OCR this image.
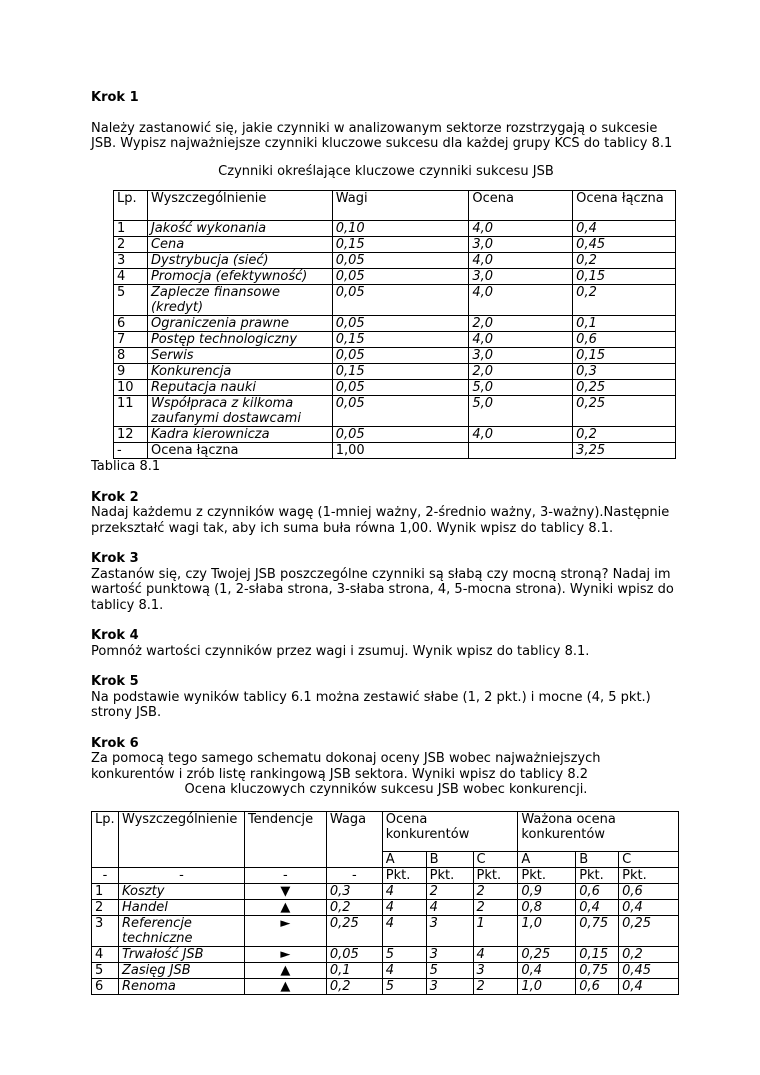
Krok 1

Należy zastanowić się, jakie czynniki w analizowanym sektorze rozstrzygają o sukcesie JSB. Wypisz najważniejsze czynniki kluczowe sukcesu dla każdej grupy KCS do tablicy 8.1

Czynniki określające kluczowe czynniki sukcesu JSB

Lp.	Wyszczególnienie	Wagi	Ocena	Ocena łączna
1	Jakość wykonania	0,10	4,0	0,4
2	Cena	0,15	3,0	0,45
3	Dystrybucja (sieć)	0,05	4,0	0,2
4	Promocja (efektywność)	0,05	3,0	0,15
5	Zaplecze finansowe (kredyt)	0,05	4,0	0,2
6	Ograniczenia prawne	0,05	2,0	0,1
7	Postęp technologiczny	0,15	4,0	0,6
8	Serwis	0,05	3,0	0,15
9	Konkurencja	0,15	2,0	0,3
10	Reputacja nauki	0,05	5,0	0,25
11	Współpraca z kilkoma zaufanymi dostawcami	0,05	5,0	0,25
12	Kadra kierownicza	0,05	4,0	0,2
-	Ocena łączna	1,00		3,25

Tablica 8.1

Krok 2

Nadaj każdemu z czynników wagę (1-mniej ważny, 2-średnio ważny, 3-ważny).Następnie przekształć wagi tak, aby ich suma buła równa 1,00. Wynik wpisz do tablicy 8.1.

Krok 3

Zastanów się, czy Twojej JSB poszczególne czynniki są słabą czy mocną stroną? Nadaj im wartość punktową (1, 2-słaba strona, 3-słaba strona, 4, 5-mocna strona). Wyniki wpisz do tablicy 8.1.

Krok 4

Pomnóż wartości czynników przez wagi i zsumuj. Wynik wpisz do tablicy 8.1.

Krok 5

Na podstawie wyników tablicy 6.1 można zestawić słabe (1, 2 pkt.) i mocne (4, 5 pkt.) strony JSB.

Krok 6

Za pomocą tego samego schematu dokonaj oceny JSB wobec najważniejszych konkurentów i zrób listę rankingową JSB sektora. Wyniki wpisz do tablicy 8.2

Ocena kluczowych czynników sukcesu JSB wobec konkurencji.

Lp.	Wyszczególnienie	Tendencje	Waga	Ocena konkurentów			Ważona ocena konkurentów		
				A	B	C	A	B	C
-	-	-	-	Pkt.	Pkt.	Pkt.	Pkt.	Pkt.	Pkt.
1	Koszty	▼	0,3	4	2	2	0,9	0,6	0,6
2	Handel	▲	0,2	4	4	2	0,8	0,4	0,4
3	Referencje techniczne	►	0,25	4	3	1	1,0	0,75	0,25
4	Trwałość JSB	►	0,05	5	3	4	0,25	0,15	0,2
5	Zasięg JSB	▲	0,1	4	5	3	0,4	0,75	0,45
6	Renoma	▲	0,2	5	3	2	1,0	0,6	0,4
